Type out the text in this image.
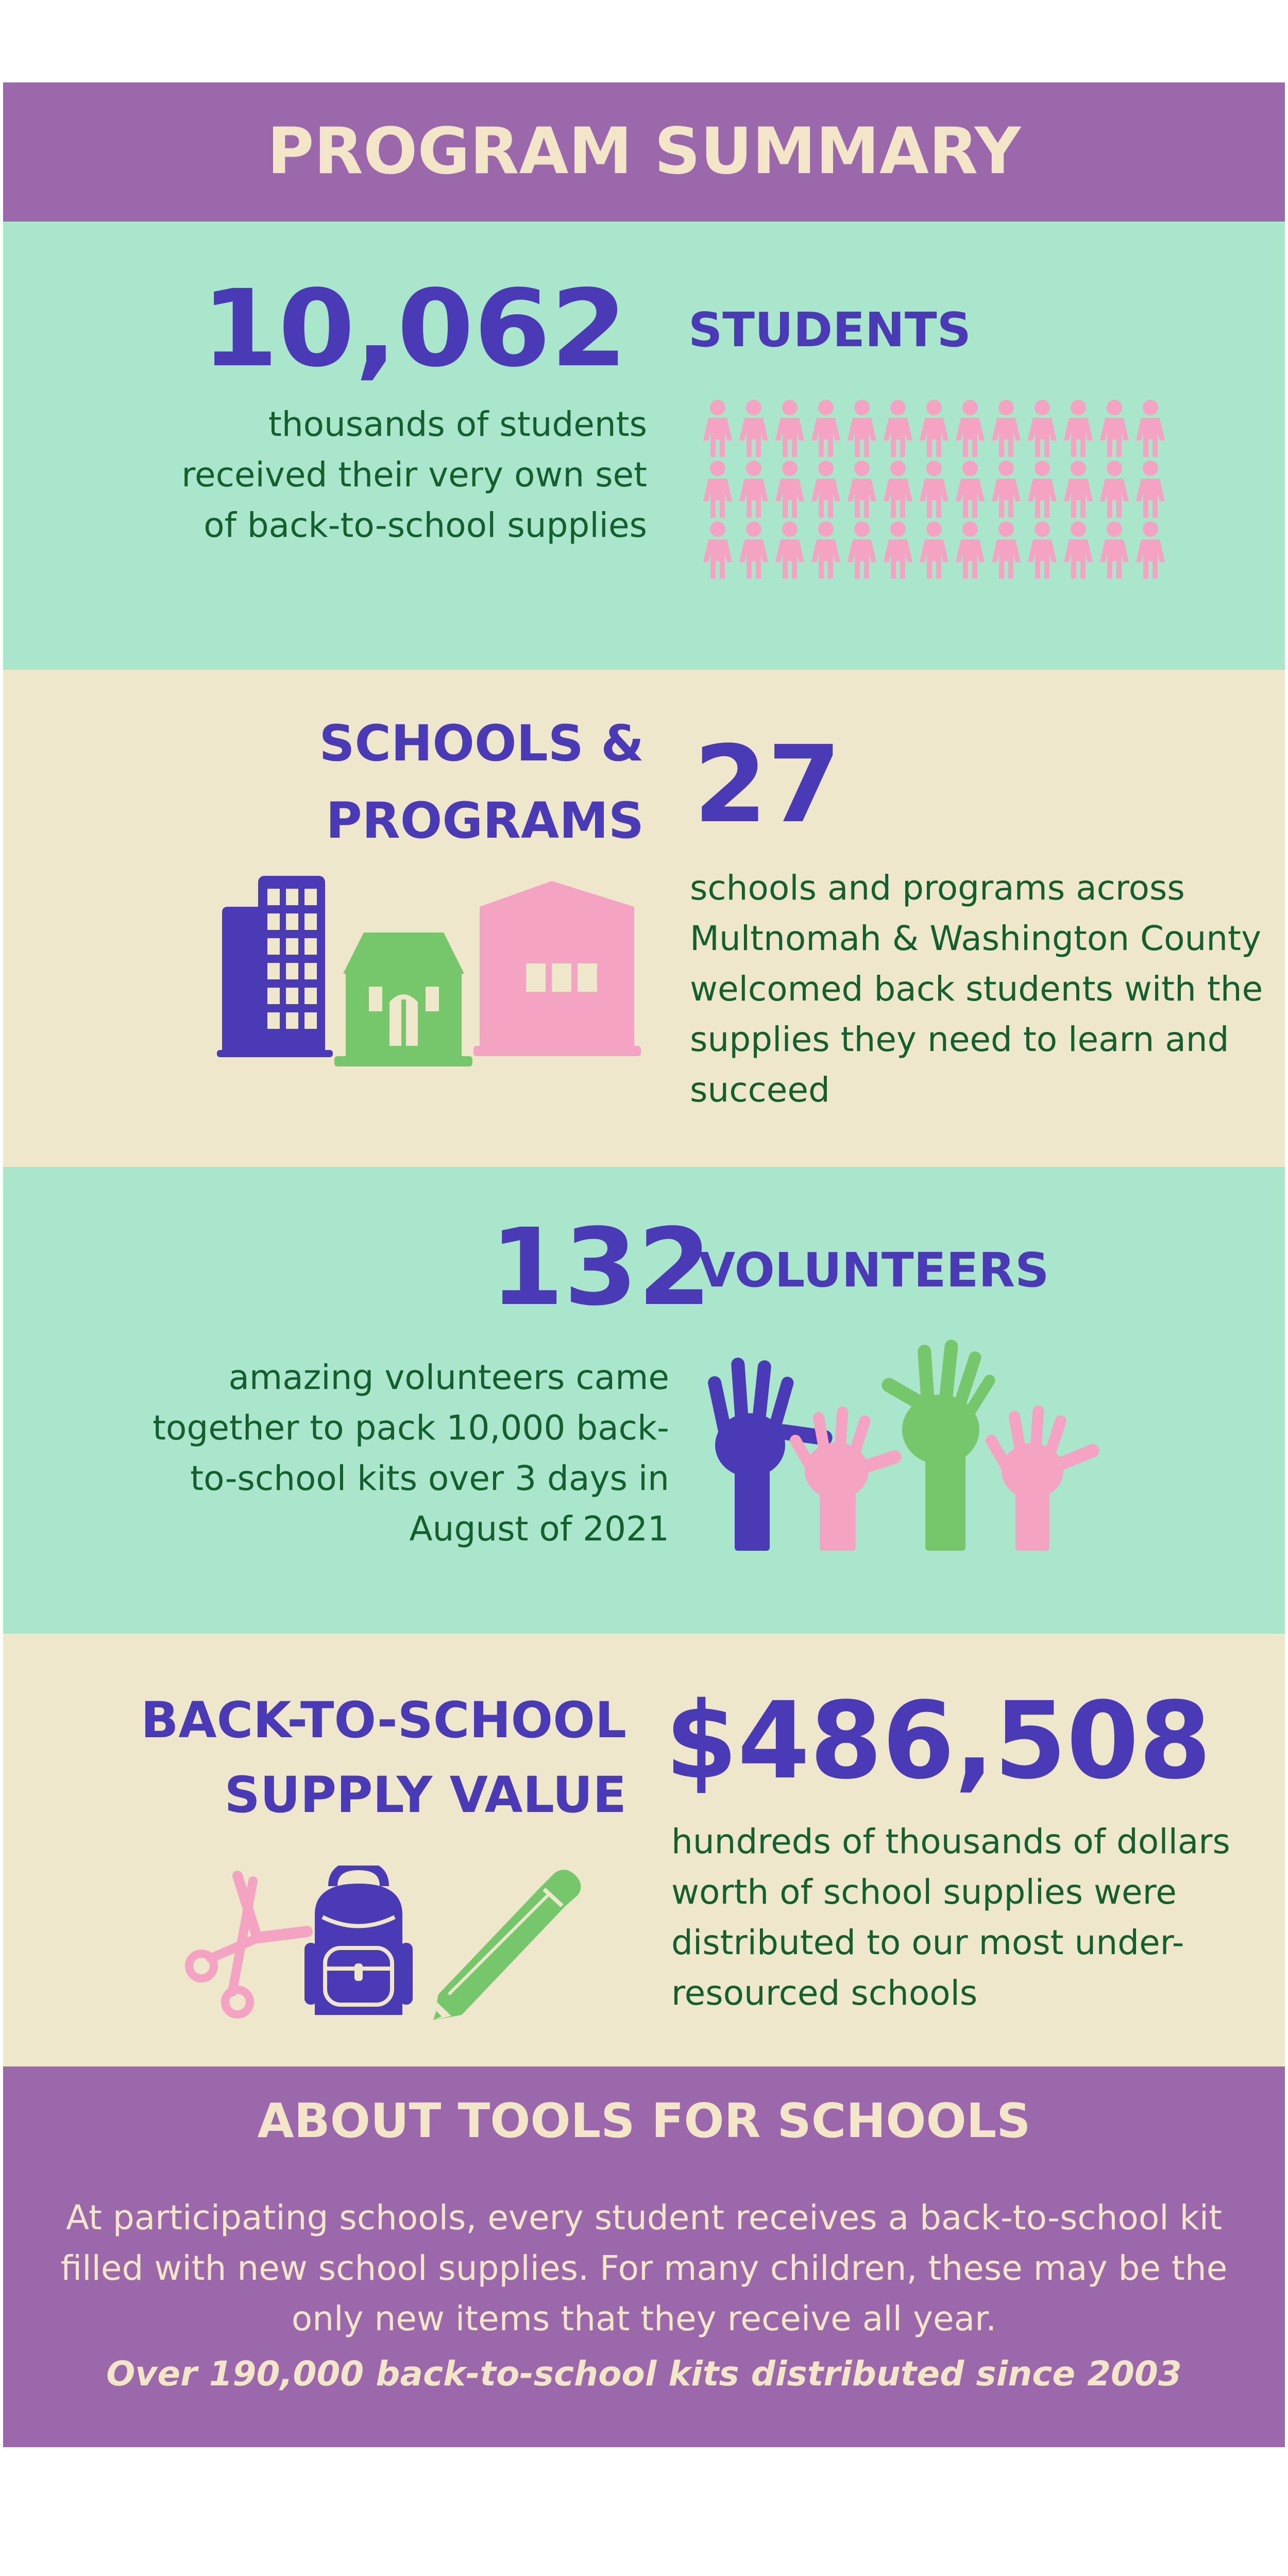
PROGRAM SUMMARY
10,062 STUDENTS
thousands of students received their very own set of back-to-school supplies
SCHOOLS &
PROGRAMS 27
schools and programs across Multnomah & Washington County welcomed back students with the supplies they need to learn and succeed
132
VOLUNTEERS
amazing volunteers came together to pack 10,000 back-to-school kits over 3 days in August of 2021
BACK-TO-SCHOOL
SUPPLY VALUE $486,508
hundreds of thousands of dollars worth of school supplies were distributed to our most under-resourced schools
ABOUT TOOLS FOR SCHOOLS
At participating schools, every student receives a back-to-school kit filled with new school supplies. For many children, these may be the only new items that they receive all year.
Over 190,000 back-to-school kits distributed since 2003
